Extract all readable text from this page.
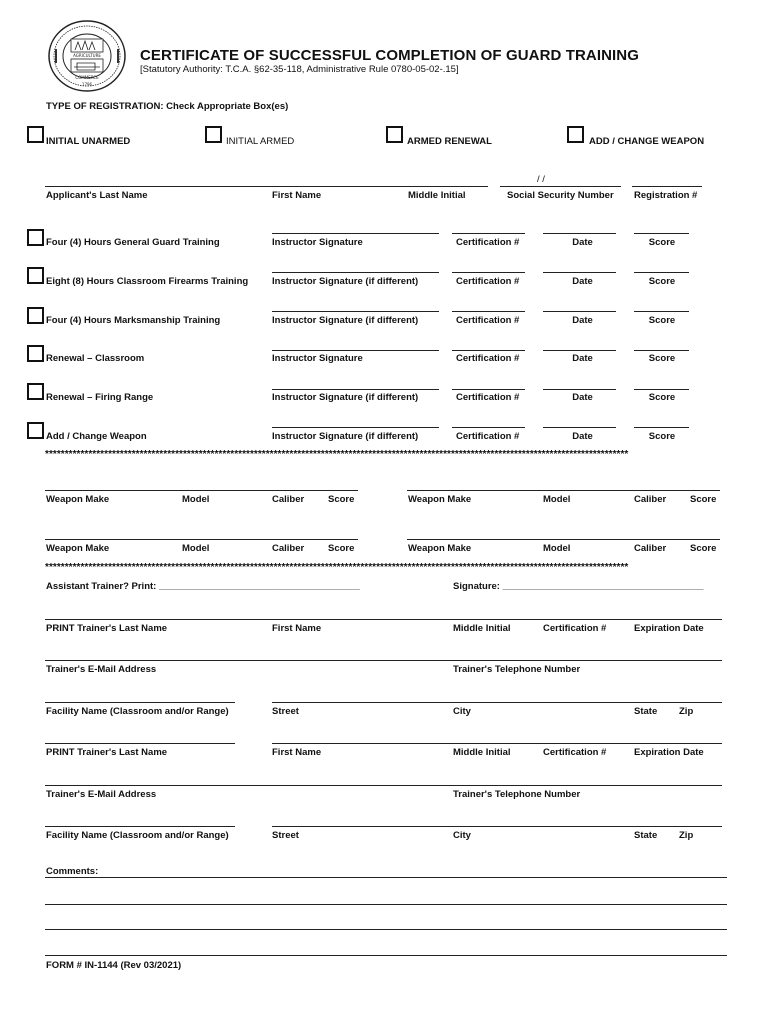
AGRICULTURE
COMMERCE
1796
CERTIFICATE OF SUCCESSFUL COMPLETION OF GUARD TRAINING
[Statutory Authority: T.C.A. §62-35-118, Administrative Rule 0780-05-02-.15]
TYPE OF REGISTRATION: Check Appropriate Box(es)
INITIAL UNARMED	INITIAL ARMED	ARMED RENEWAL	ADD / CHANGE WEAPON
/ /
Applicant's Last Name	First Name	Middle Initial	Social Security Number Registration #
Four (4) Hours General Guard Training	Instructor Signature	Certification #	Date	Score
Eight (8) Hours Classroom Firearms Training	Instructor Signature (if different)	Certification #	Date	Score
Four (4) Hours Marksmanship Training	Instructor Signature (if different)	Certification #	Date	Score
Renewal – Classroom	Instructor Signature	Certification #	Date	Score
Renewal – Firing Range	Instructor Signature (if different)	Certification #	Date	Score
Add / Change Weapon	Instructor Signature (if different)	Certification #	Date	Score
****************************************************************************************************************************************************
Weapon Make	Model	Caliber	Score	Weapon Make	Model	Caliber	Score
Weapon Make	Model	Caliber	Score	Weapon Make	Model	Caliber	Score
****************************************************************************************************************************************************
Assistant Trainer? Print: ______________________________________	Signature: ______________________________________
PRINT Trainer's Last Name	First Name	Middle Initial	Certification #	Expiration Date
Trainer's E-Mail Address	Trainer's Telephone Number
Facility Name (Classroom and/or Range)	Street	City	State Zip
PRINT Trainer's Last Name	First Name	Middle Initial	Certification #	Expiration Date
Trainer's E-Mail Address	Trainer's Telephone Number
Facility Name (Classroom and/or Range)	Street	City	State Zip
Comments:
FORM # IN-1144 (Rev 03/2021)
